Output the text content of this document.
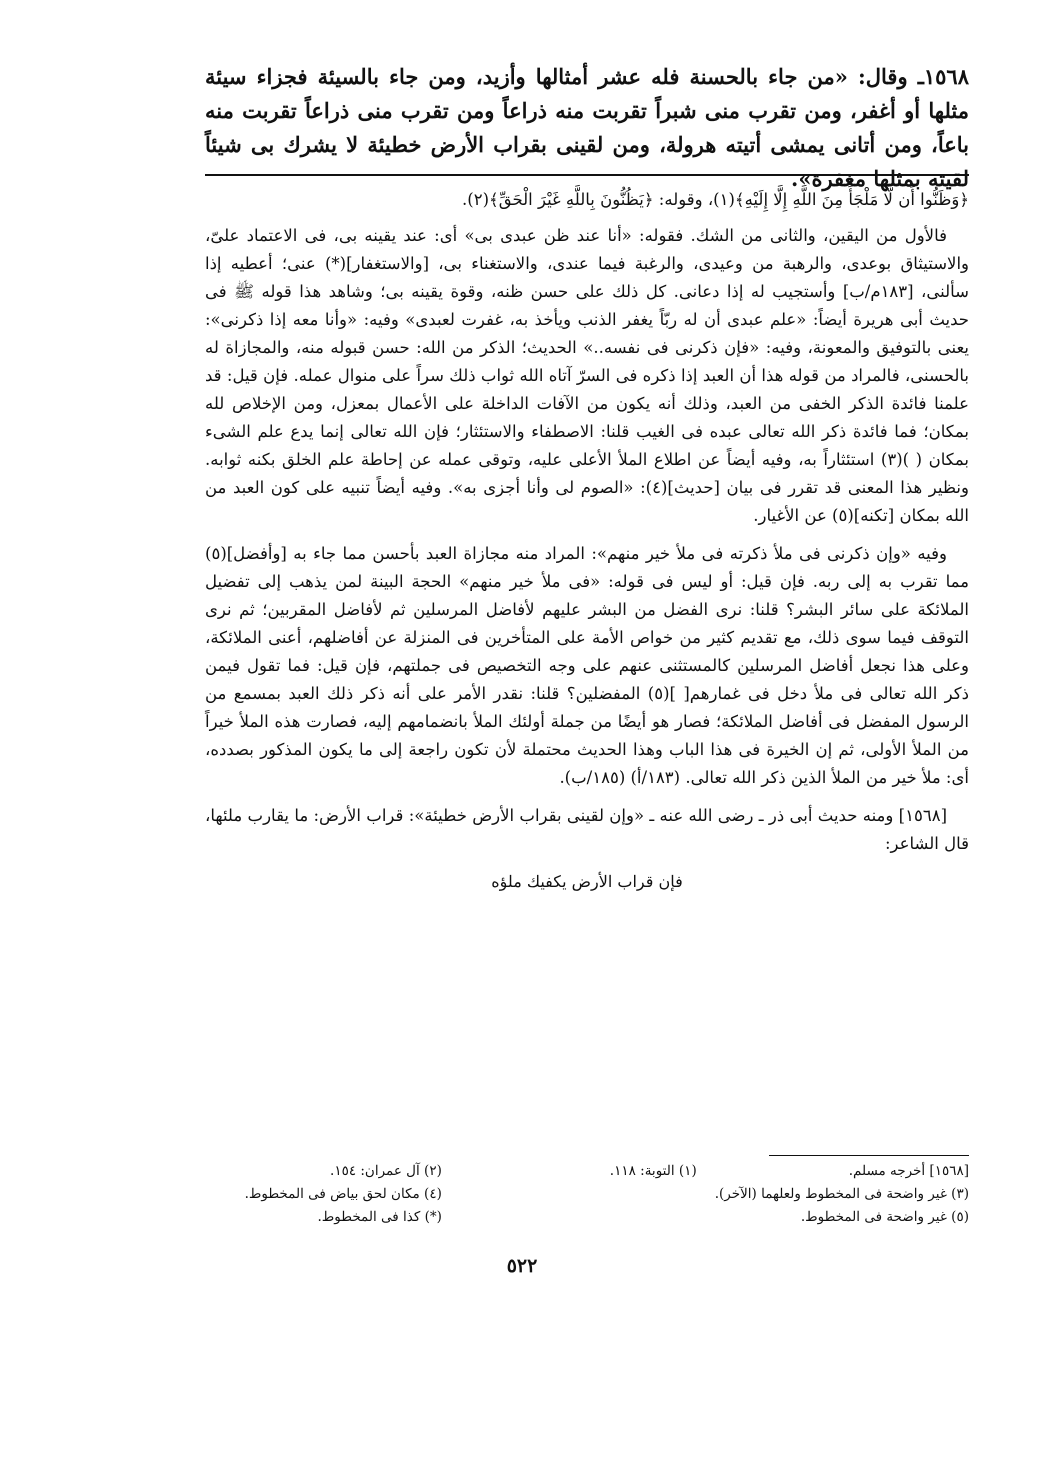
١٥٦٨ـ وقال: «من جاء بالحسنة فله عشر أمثالها وأزيد، ومن جاء بالسيئة فجزاء سيئة مثلها أو أغفر، ومن تقرب منى شبراً تقربت منه ذراعاً ومن تقرب منى ذراعاً تقربت منه باعاً، ومن أتانى يمشى أتيته هرولة، ومن لقينى بقراب الأرض خطيئة لا يشرك بى شيئاً لقيته بمثلها مغفرة».

﴿وَظَنُّوا أَن لَّا مَلْجَأَ مِنَ اللَّهِ إِلَّا إِلَيْهِ﴾(١)، وقوله: ﴿يَظُنُّونَ بِاللَّهِ غَيْرَ الْحَقِّ﴾(٢).

فالأول من اليقين، والثانى من الشك. فقوله: «أنا عند ظن عبدى بى» أى: عند يقينه بى، فى الاعتماد علىّ، والاستيثاق بوعدى، والرهبة من وعيدى، والرغبة فيما عندى، والاستغناء بى، [والاستغفار](*) عنى؛ أعطيه إذا سألنى، [١٨٣م/ب] وأستجيب له إذا دعانى. كل ذلك على حسن ظنه، وقوة يقينه بى؛ وشاهد هذا قوله ﷺ فى حديث أبى هريرة أيضاً: «علم عبدى أن له ربّاً يغفر الذنب ويأخذ به، غفرت لعبدى» وفيه: «وأنا معه إذا ذكرنى»: يعنى بالتوفيق والمعونة، وفيه: «فإن ذكرنى فى نفسه..» الحديث؛ الذكر من الله: حسن قبوله منه، والمجازاة له بالحسنى، فالمراد من قوله هذا أن العبد إذا ذكره فى السرّ آتاه الله ثواب ذلك سراً على منوال عمله. فإن قيل: قد علمنا فائدة الذكر الخفى من العبد، وذلك أنه يكون من الآفات الداخلة على الأعمال بمعزل، ومن الإخلاص لله بمكان؛ فما فائدة ذكر الله تعالى عبده فى الغيب قلنا: الاصطفاء والاستئثار؛ فإن الله تعالى إنما يدع علم الشىء بمكان ( )(٣) استئثاراً به، وفيه أيضاً عن اطلاع الملأ الأعلى عليه، وتوقى عمله عن إحاطة علم الخلق بكنه ثوابه. ونظير هذا المعنى قد تقرر فى بيان [حديث](٤): «الصوم لى وأنا أجزى به». وفيه أيضاً تنبيه على كون العبد من الله بمكان [تكنه](٥) عن الأغيار.

وفيه «وإن ذكرنى فى ملأ ذكرته فى ملأ خير منهم»: المراد منه مجازاة العبد بأحسن مما جاء به [وأفضل](٥) مما تقرب به إلى ربه. فإن قيل: أو ليس فى قوله: «فى ملأ خير منهم» الحجة البينة لمن يذهب إلى تفضيل الملائكة على سائر البشر؟ قلنا: نرى الفضل من البشر عليهم لأفاضل المرسلين ثم لأفاضل المقربين؛ ثم نرى التوقف فيما سوى ذلك، مع تقديم كثير من خواص الأمة على المتأخرين فى المنزلة عن أفاضلهم، أعنى الملائكة، وعلى هذا نجعل أفاضل المرسلين كالمستثنى عنهم على وجه التخصيص فى جملتهم، فإن قيل: فما تقول فيمن ذكر الله تعالى فى ملأ دخل فى غمارهم[ ](٥) المفضلين؟ قلنا: نقدر الأمر على أنه ذكر ذلك العبد بمسمع من الرسول المفضل فى أفاضل الملائكة؛ فصار هو أيضًا من جملة أولئك الملأ بانضمامهم إليه، فصارت هذه الملأ خيراً من الملأ الأولى، ثم إن الخيرة فى هذا الباب وهذا الحديث محتملة لأن تكون راجعة إلى ما يكون المذكور بصدده، أى: ملأ خير من الملأ الذين ذكر الله تعالى. (١٨٣/أ) (١٨٥/ب).

[١٥٦٨] ومنه حديث أبى ذر ـ رضى الله عنه ـ «وإن لقينى بقراب الأرض خطيئة»: قراب الأرض: ما يقارب ملئها، قال الشاعر:

فإن قراب الأرض يكفيك ملؤه

[١٥٦٨] أخرجه مسلم.
(١) التوبة: ١١٨.
(٢) آل عمران: ١٥٤.
(٣) غير واضحة فى المخطوط ولعلهما (الآخر).
(٤) مكان لحق بياض فى المخطوط.
(٥) غير واضحة فى المخطوط.
(*) كذا فى المخطوط.
٥٢٢
